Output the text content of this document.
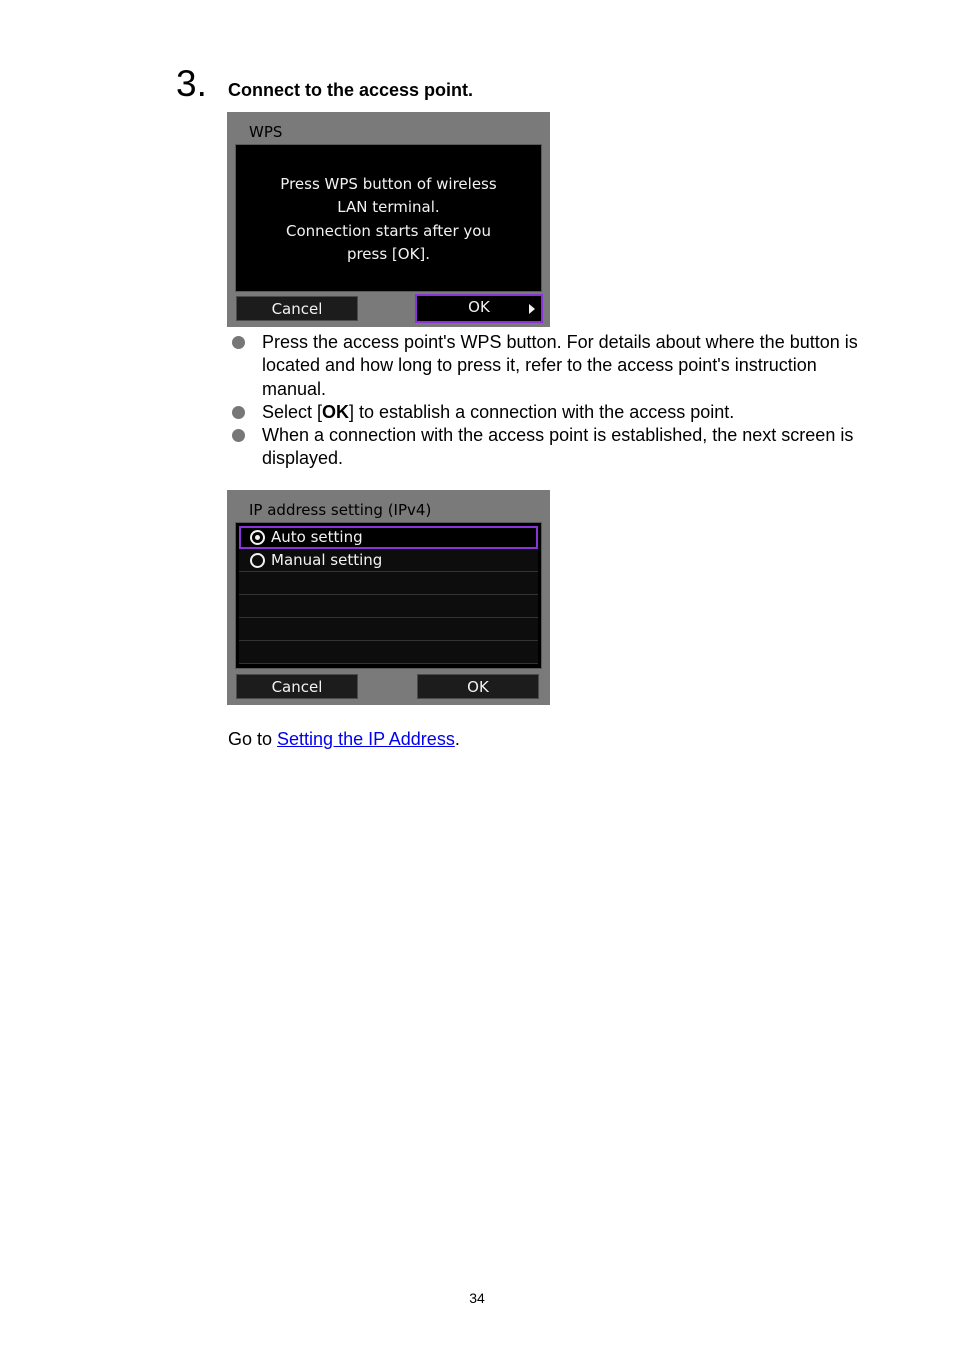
3. Connect to the access point.
WPS
Press WPS button of wireless
LAN terminal.
Connection starts after you
press [OK].
Cancel	OK

Press the access point's WPS button. For details about where the button is located and how long to press it, refer to the access point's instruction manual.

Select [OK] to establish a connection with the access point.

When a connection with the access point is established, the next screen is displayed.

IP address setting (IPv4)
Auto setting
Manual setting
Cancel	OK
Go to Setting the IP Address.
34
